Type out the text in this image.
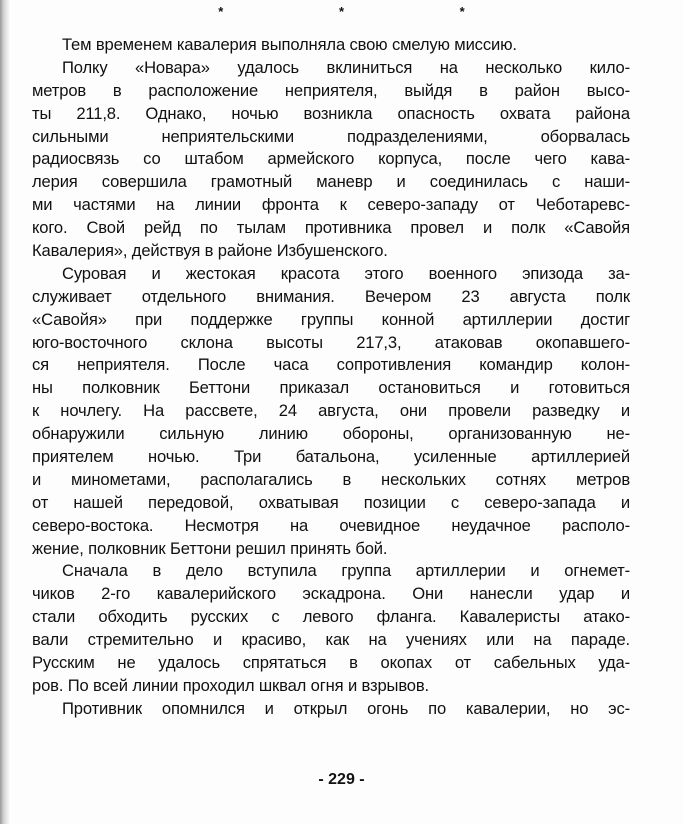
* * *
Тем временем кавалерия выполняла свою смелую миссию.
Полку «Новара» удалось вклиниться на несколько кило-
метров в расположение неприятеля, выйдя в район высо-
ты 211,8. Однако, ночью возникла опасность охвата района
сильными неприятельскими подразделениями, оборвалась
радиосвязь со штабом армейского корпуса, после чего кава-
лерия совершила грамотный маневр и соединилась с наши-
ми частями на линии фронта к северо-западу от Чеботаревс-
кого. Свой рейд по тылам противника провел и полк «Савойя
Кавалерия», действуя в районе Избушенского.
Суровая и жестокая красота этого военного эпизода за-
служивает отдельного внимания. Вечером 23 августа полк
«Савойя» при поддержке группы конной артиллерии достиг
юго-восточного склона высоты 217,3, атаковав окопавшего-
ся неприятеля. После часа сопротивления командир колон-
ны полковник Беттони приказал остановиться и готовиться
к ночлегу. На рассвете, 24 августа, они провели разведку и
обнаружили сильную линию обороны, организованную не-
приятелем ночью. Три батальона, усиленные артиллерией
и минометами, располагались в нескольких сотнях метров
от нашей передовой, охватывая позиции с северо-запада и
северо-востока. Несмотря на очевидное неудачное располо-
жение, полковник Беттони решил принять бой.
Сначала в дело вступила группа артиллерии и огнемет-
чиков 2-го кавалерийского эскадрона. Они нанесли удар и
стали обходить русских с левого фланга. Кавалеристы атако-
вали стремительно и красиво, как на учениях или на параде.
Русским не удалось спрятаться в окопах от сабельных уда-
ров. По всей линии проходил шквал огня и взрывов.
Противник опомнился и открыл огонь по кавалерии, но эс-
- 229 -
